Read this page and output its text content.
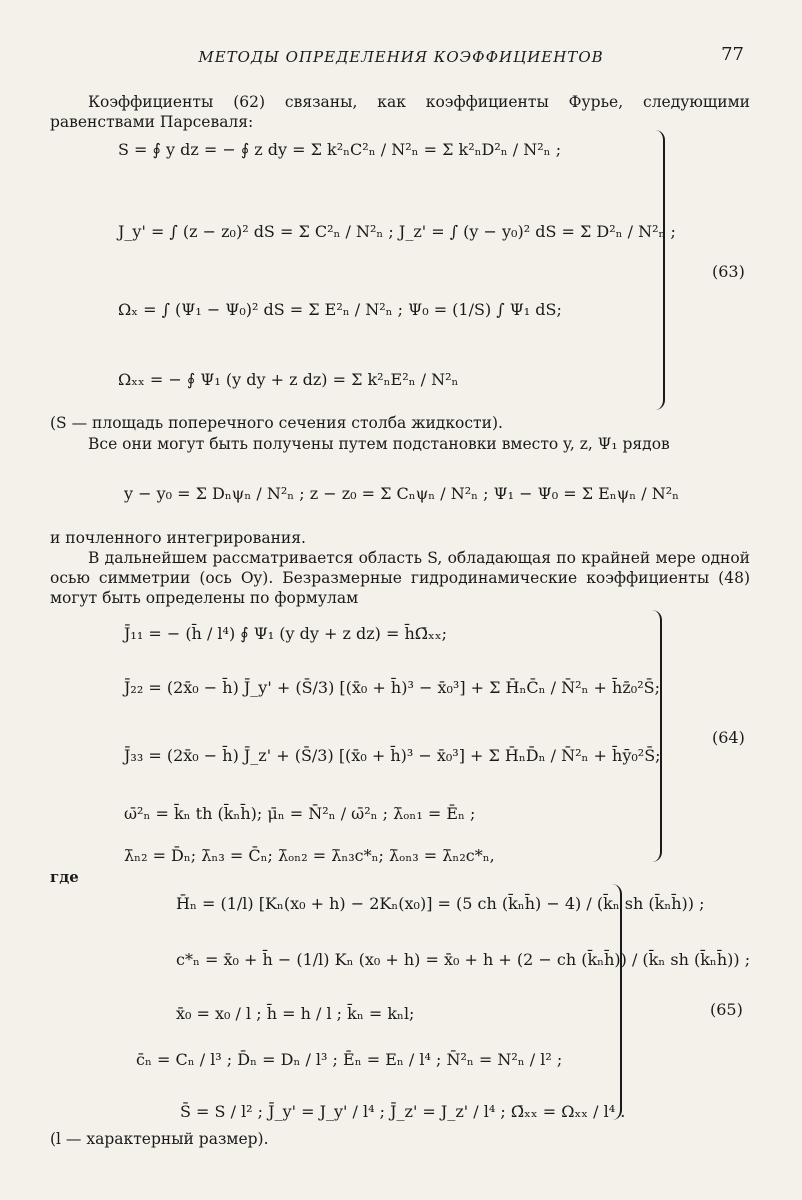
МЕТОДЫ ОПРЕДЕЛЕНИЯ КОЭФФИЦИЕНТОВ	77
Коэффициенты (62) связаны, как коэффициенты Фурье, следующими равенствами Парсеваля:
S = ∮ y dz = − ∮ z dy = Σ k²ₙC²ₙ / N²ₙ = Σ k²ₙD²ₙ / N²ₙ ;
J_y' = ∫ (z − z₀)² dS = Σ C²ₙ / N²ₙ ; J_z' = ∫ (y − y₀)² dS = Σ D²ₙ / N²ₙ ;
Ωₓ = ∫ (Ψ₁ − Ψ₀)² dS = Σ E²ₙ / N²ₙ ; Ψ₀ = (1/S) ∫ Ψ₁ dS;
Ωₓₓ = − ∮ Ψ₁ (y dy + z dz) = Σ k²ₙE²ₙ / N²ₙ
(63)
(S — площадь поперечного сечения столба жидкости).
Все они могут быть получены путем подстановки вместо y, z, Ψ₁ рядов
y − y₀ = Σ Dₙψₙ / N²ₙ ; z − z₀ = Σ Cₙψₙ / N²ₙ ; Ψ₁ − Ψ₀ = Σ Eₙψₙ / N²ₙ
и почленного интегрирования.
В дальнейшем рассматривается область S, обладающая по крайней мере одной осью симметрии (ось Oy). Безразмерные гидродинамические коэффициенты (48) могут быть определены по формулам
J̄₁₁ = − (h̄ / l⁴) ∮ Ψ₁ (y dy + z dz) = h̄Ω̄ₓₓ;
J̄₂₂ = (2x̄₀ − h̄) J̄_y' + (S̄/3) [(x̄₀ + h̄)³ − x̄₀³] + Σ H̄ₙC̄ₙ / N̄²ₙ + h̄z̄₀²S̄;
J̄₃₃ = (2x̄₀ − h̄) J̄_z' + (S̄/3) [(x̄₀ + h̄)³ − x̄₀³] + Σ H̄ₙD̄ₙ / N̄²ₙ + h̄ȳ₀²S̄;
ω̄²ₙ = k̄ₙ th (k̄ₙh̄); μ̄ₙ = N̄²ₙ / ω̄²ₙ ; λ̄ₒₙ₁ = Ēₙ ;
λ̄ₙ₂ = D̄ₙ; λ̄ₙ₃ = C̄ₙ; λ̄ₒₙ₂ = λ̄ₙ₃c*ₙ; λ̄ₒₙ₃ = λ̄ₙ₂c*ₙ,
(64)
где
H̄ₙ = (1/l) [Kₙ(x₀ + h) − 2Kₙ(x₀)] = (5 ch (k̄ₙh̄) − 4) / (k̄ₙ sh (k̄ₙh̄)) ;
c*ₙ = x̄₀ + h̄ − (1/l) Kₙ (x₀ + h) = x̄₀ + h + (2 − ch (k̄ₙh̄)) / (k̄ₙ sh (k̄ₙh̄)) ;
x̄₀ = x₀ / l ; h̄ = h / l ; k̄ₙ = kₙl;
c̄ₙ = Cₙ / l³ ; D̄ₙ = Dₙ / l³ ; Ēₙ = Eₙ / l⁴ ; N̄²ₙ = N²ₙ / l² ;
S̄ = S / l² ; J̄_y' = J_y' / l⁴ ; J̄_z' = J_z' / l⁴ ; Ω̄ₓₓ = Ωₓₓ / l⁴ .
(65)
(l — характерный размер).
